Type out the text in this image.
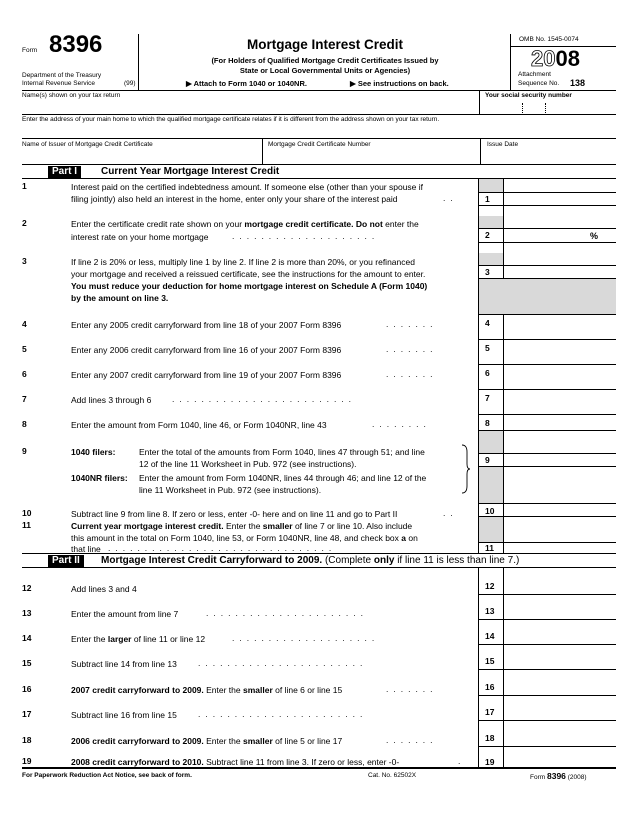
Form 8396
Department of the Treasury
Internal Revenue Service	(99)
Mortgage Interest Credit
(For Holders of Qualified Mortgage Credit Certificates Issued by
State or Local Governmental Units or Agencies)
▶ Attach to Form 1040 or 1040NR.	▶ See instructions on back.
OMB No. 1545-0074
2008
Attachment
Sequence No. 138
Name(s) shown on your tax return	Your social security number
Enter the address of your main home to which the qualified mortgage certificate relates if it is different from the address shown on your tax return.
Name of Issuer of Mortgage Credit Certificate	Mortgage Credit Certificate Number	Issue Date
Part I	Current Year Mortgage Interest Credit
1	Interest paid on the certified indebtedness amount. If someone else (other than your spouse if
filing jointly) also held an interest in the home, enter only your share of the interest paid	..	1
2	Enter the certificate credit rate shown on your mortgage credit certificate. Do not enter the
interest rate on your home mortgage	....................	2	%
3	If line 2 is 20% or less, multiply line 1 by line 2. If line 2 is more than 20%, or you refinanced
your mortgage and received a reissued certificate, see the instructions for the amount to enter.
You must reduce your deduction for home mortgage interest on Schedule A (Form 1040)
by the amount on line 3.
3
4	Enter any 2005 credit carryforward from line 18 of your 2007 Form 8396	.......	4
5	Enter any 2006 credit carryforward from line 16 of your 2007 Form 8396	.......	5
6	Enter any 2007 credit carryforward from line 19 of your 2007 Form 8396	.......	6
7	Add lines 3 through 6 .........................	7
8	Enter the amount from Form 1040, line 46, or Form 1040NR, line 43	........	8
9	1040 filers:	Enter the total of the amounts from Form 1040, lines 47 through 51; and line
12 of the line 11 Worksheet in Pub. 972 (see instructions).
1040NR filers: Enter the amount from Form 1040NR, lines 44 through 46; and line 12 of the
line 11 Worksheet in Pub. 972 (see instructions).
9
10	Subtract line 9 from line 8. If zero or less, enter -0- here and on line 11 and go to Part II	..	10
11	Current year mortgage interest credit. Enter the smaller of line 7 or line 10. Also include
this amount in the total on Form 1040, line 53, or Form 1040NR, line 48, and check box a on
that line ...............................	11
Part II	Mortgage Interest Credit Carryforward to 2009. (Complete only if line 11 is less than line 7.)
12	Add lines 3 and 4	12
13	Enter the amount from line 7	......................	13
14	Enter the larger of line 11 or line 12	....................	14
15	Subtract line 14 from line 13 .......................	15
16	2007 credit carryforward to 2009. Enter the smaller of line 6 or line 15	.......	16
17	Subtract line 16 from line 15 .......................	17
18	2006 credit carryforward to 2009. Enter the smaller of line 5 or line 17	.......	18
19	2008 credit carryforward to 2010. Subtract line 11 from line 3. If zero or less, enter -0-	.	19
For Paperwork Reduction Act Notice, see back of form.	Cat. No. 62502X	Form 8396 (2008)
